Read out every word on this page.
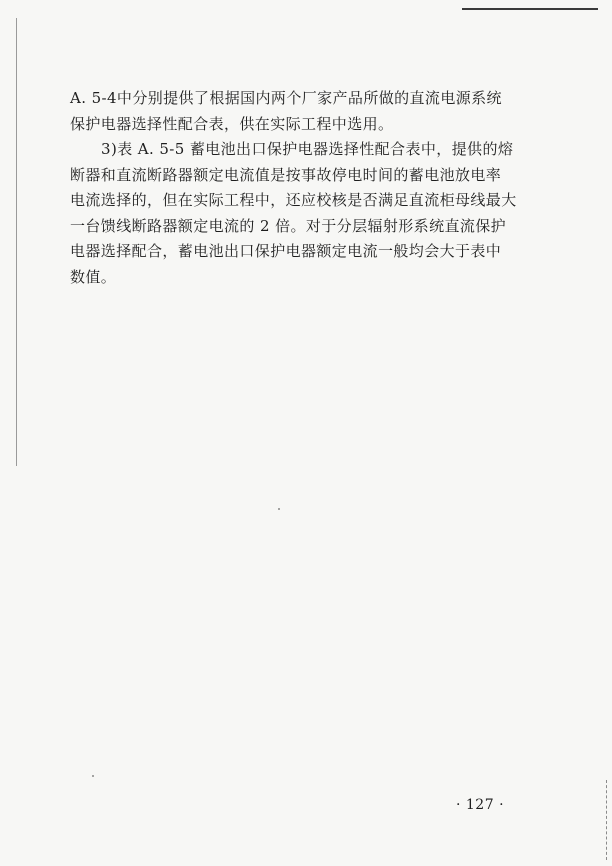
A. 5-4中分别提供了根据国内两个厂家产品所做的直流电源系统
保护电器选择性配合表，供在实际工程中选用。

3)表 A. 5-5 蓄电池出口保护电器选择性配合表中，提供的熔
断器和直流断路器额定电流值是按事故停电时间的蓄电池放电率
电流选择的，但在实际工程中，还应校核是否满足直流柜母线最大
一台馈线断路器额定电流的 2 倍。对于分层辐射形系统直流保护
电器选择配合，蓄电池出口保护电器额定电流一般均会大于表中
数值。

· 127 ·
